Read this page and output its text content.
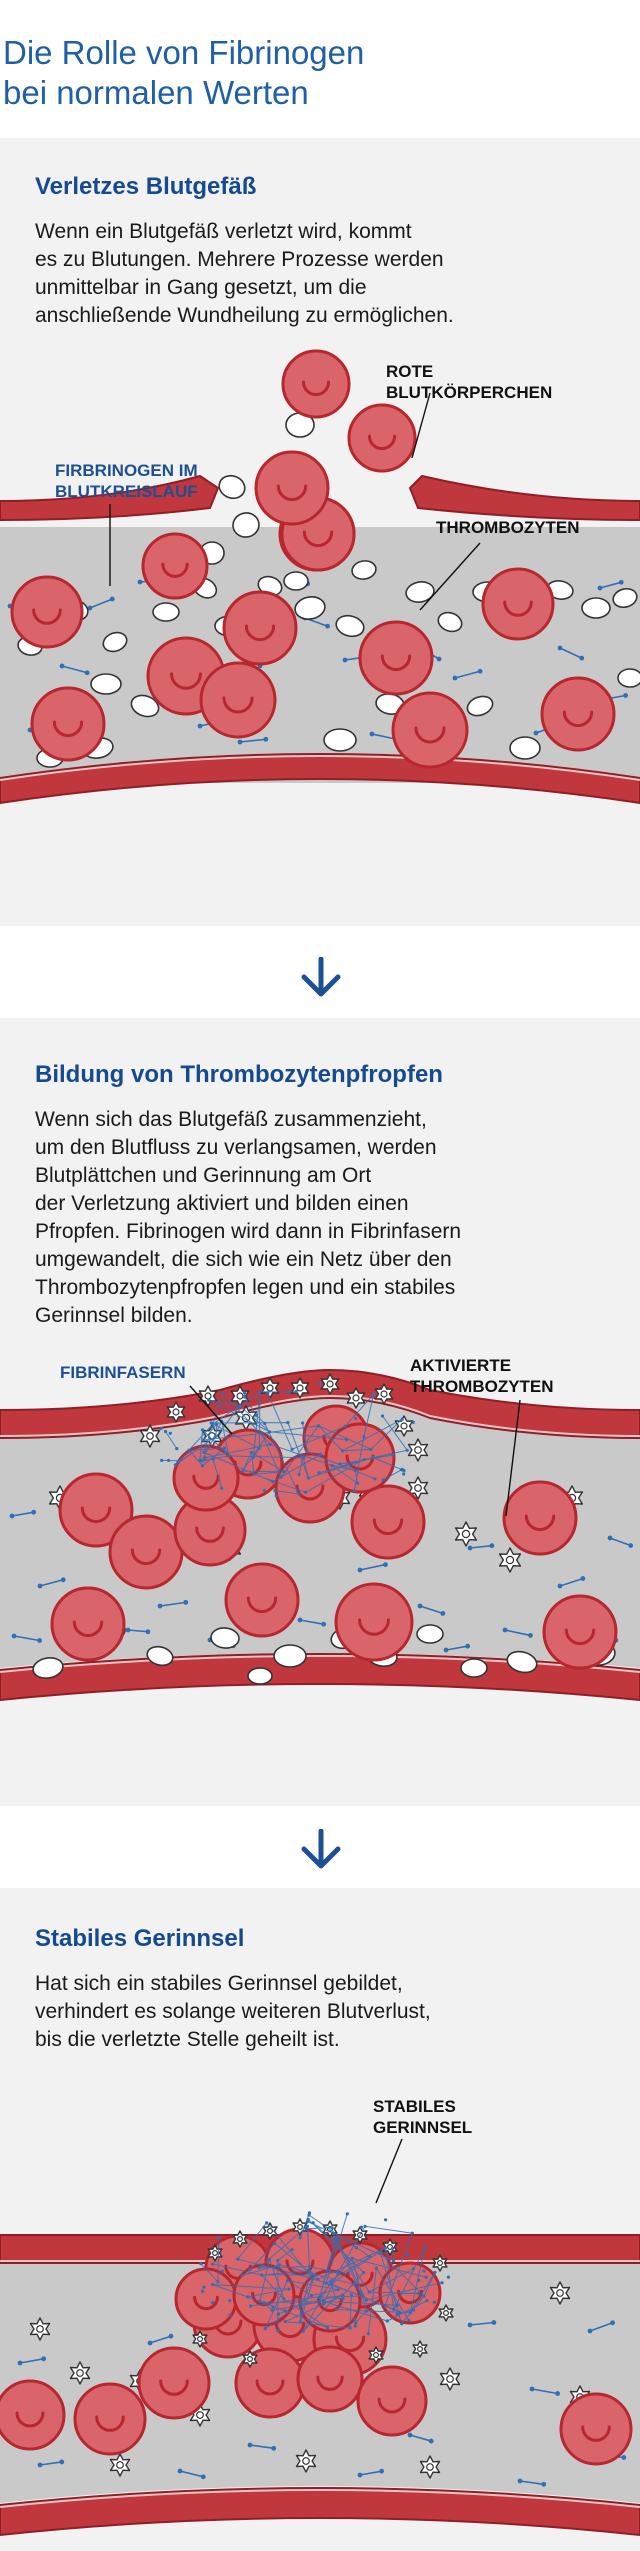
Die Rolle von Fibrinogen
bei normalen Werten
Verletzes Blutgefäß

Wenn ein Blutgefäß verletzt wird, kommt
es zu Blutungen. Mehrere Prozesse werden
unmittelbar in Gang gesetzt, um die
anschließende Wundheilung zu ermöglichen.

ROTE
BLUTKÖRPERCHEN
FIRBRINOGEN IM
BLUTKREISLAUF
THROMBOZYTEN
Bildung von Thrombozytenpfropfen

Wenn sich das Blutgefäß zusammenzieht,
um den Blutfluss zu verlangsamen, werden
Blutplättchen und Gerinnung am Ort
der Verletzung aktiviert und bilden einen
Pfropfen. Fibrinogen wird dann in Fibrinfasern
umgewandelt, die sich wie ein Netz über den
Thrombozytenpfropfen legen und ein stabiles
Gerinnsel bilden.

FIBRINFASERN	AKTIVIERTE
THROMBOZYTEN
Stabiles Gerinnsel

Hat sich ein stabiles Gerinnsel gebildet,
verhindert es solange weiteren Blutverlust,
bis die verletzte Stelle geheilt ist.

STABILES
GERINNSEL
